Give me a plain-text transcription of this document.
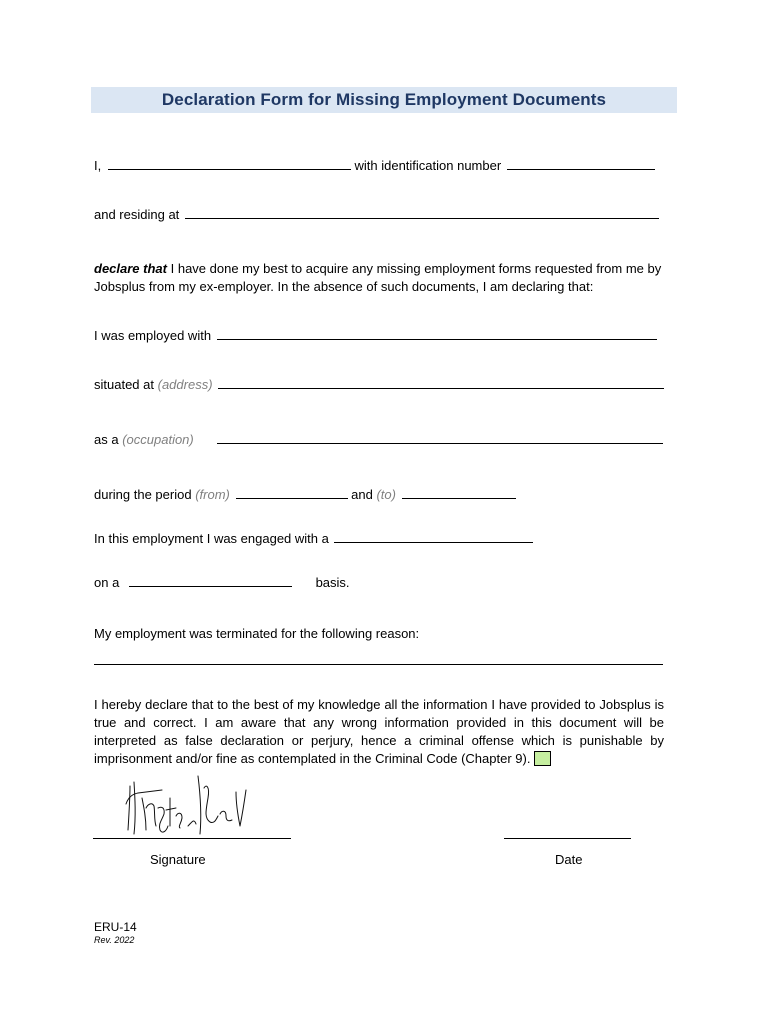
Declaration Form for Missing Employment Documents
I,	with identification number
and residing at
declare that I have done my best to acquire any missing employment forms requested from me by
Jobsplus from my ex-employer. In the absence of such documents, I am declaring that:
I was employed with
situated at (address)
as a (occupation)
during the period (from)	and (to)
In this employment I was engaged with a
on a	basis.
My employment was terminated for the following reason:
I hereby declare that to the best of my knowledge all the information I have provided to Jobsplus is true and correct. I am aware that any wrong information provided in this document will be interpreted as false declaration or perjury, hence a criminal offense which is punishable by imprisonment and/or fine as contemplated in the Criminal Code (Chapter 9).
Signature	Date
ERU-14
Rev. 2022
